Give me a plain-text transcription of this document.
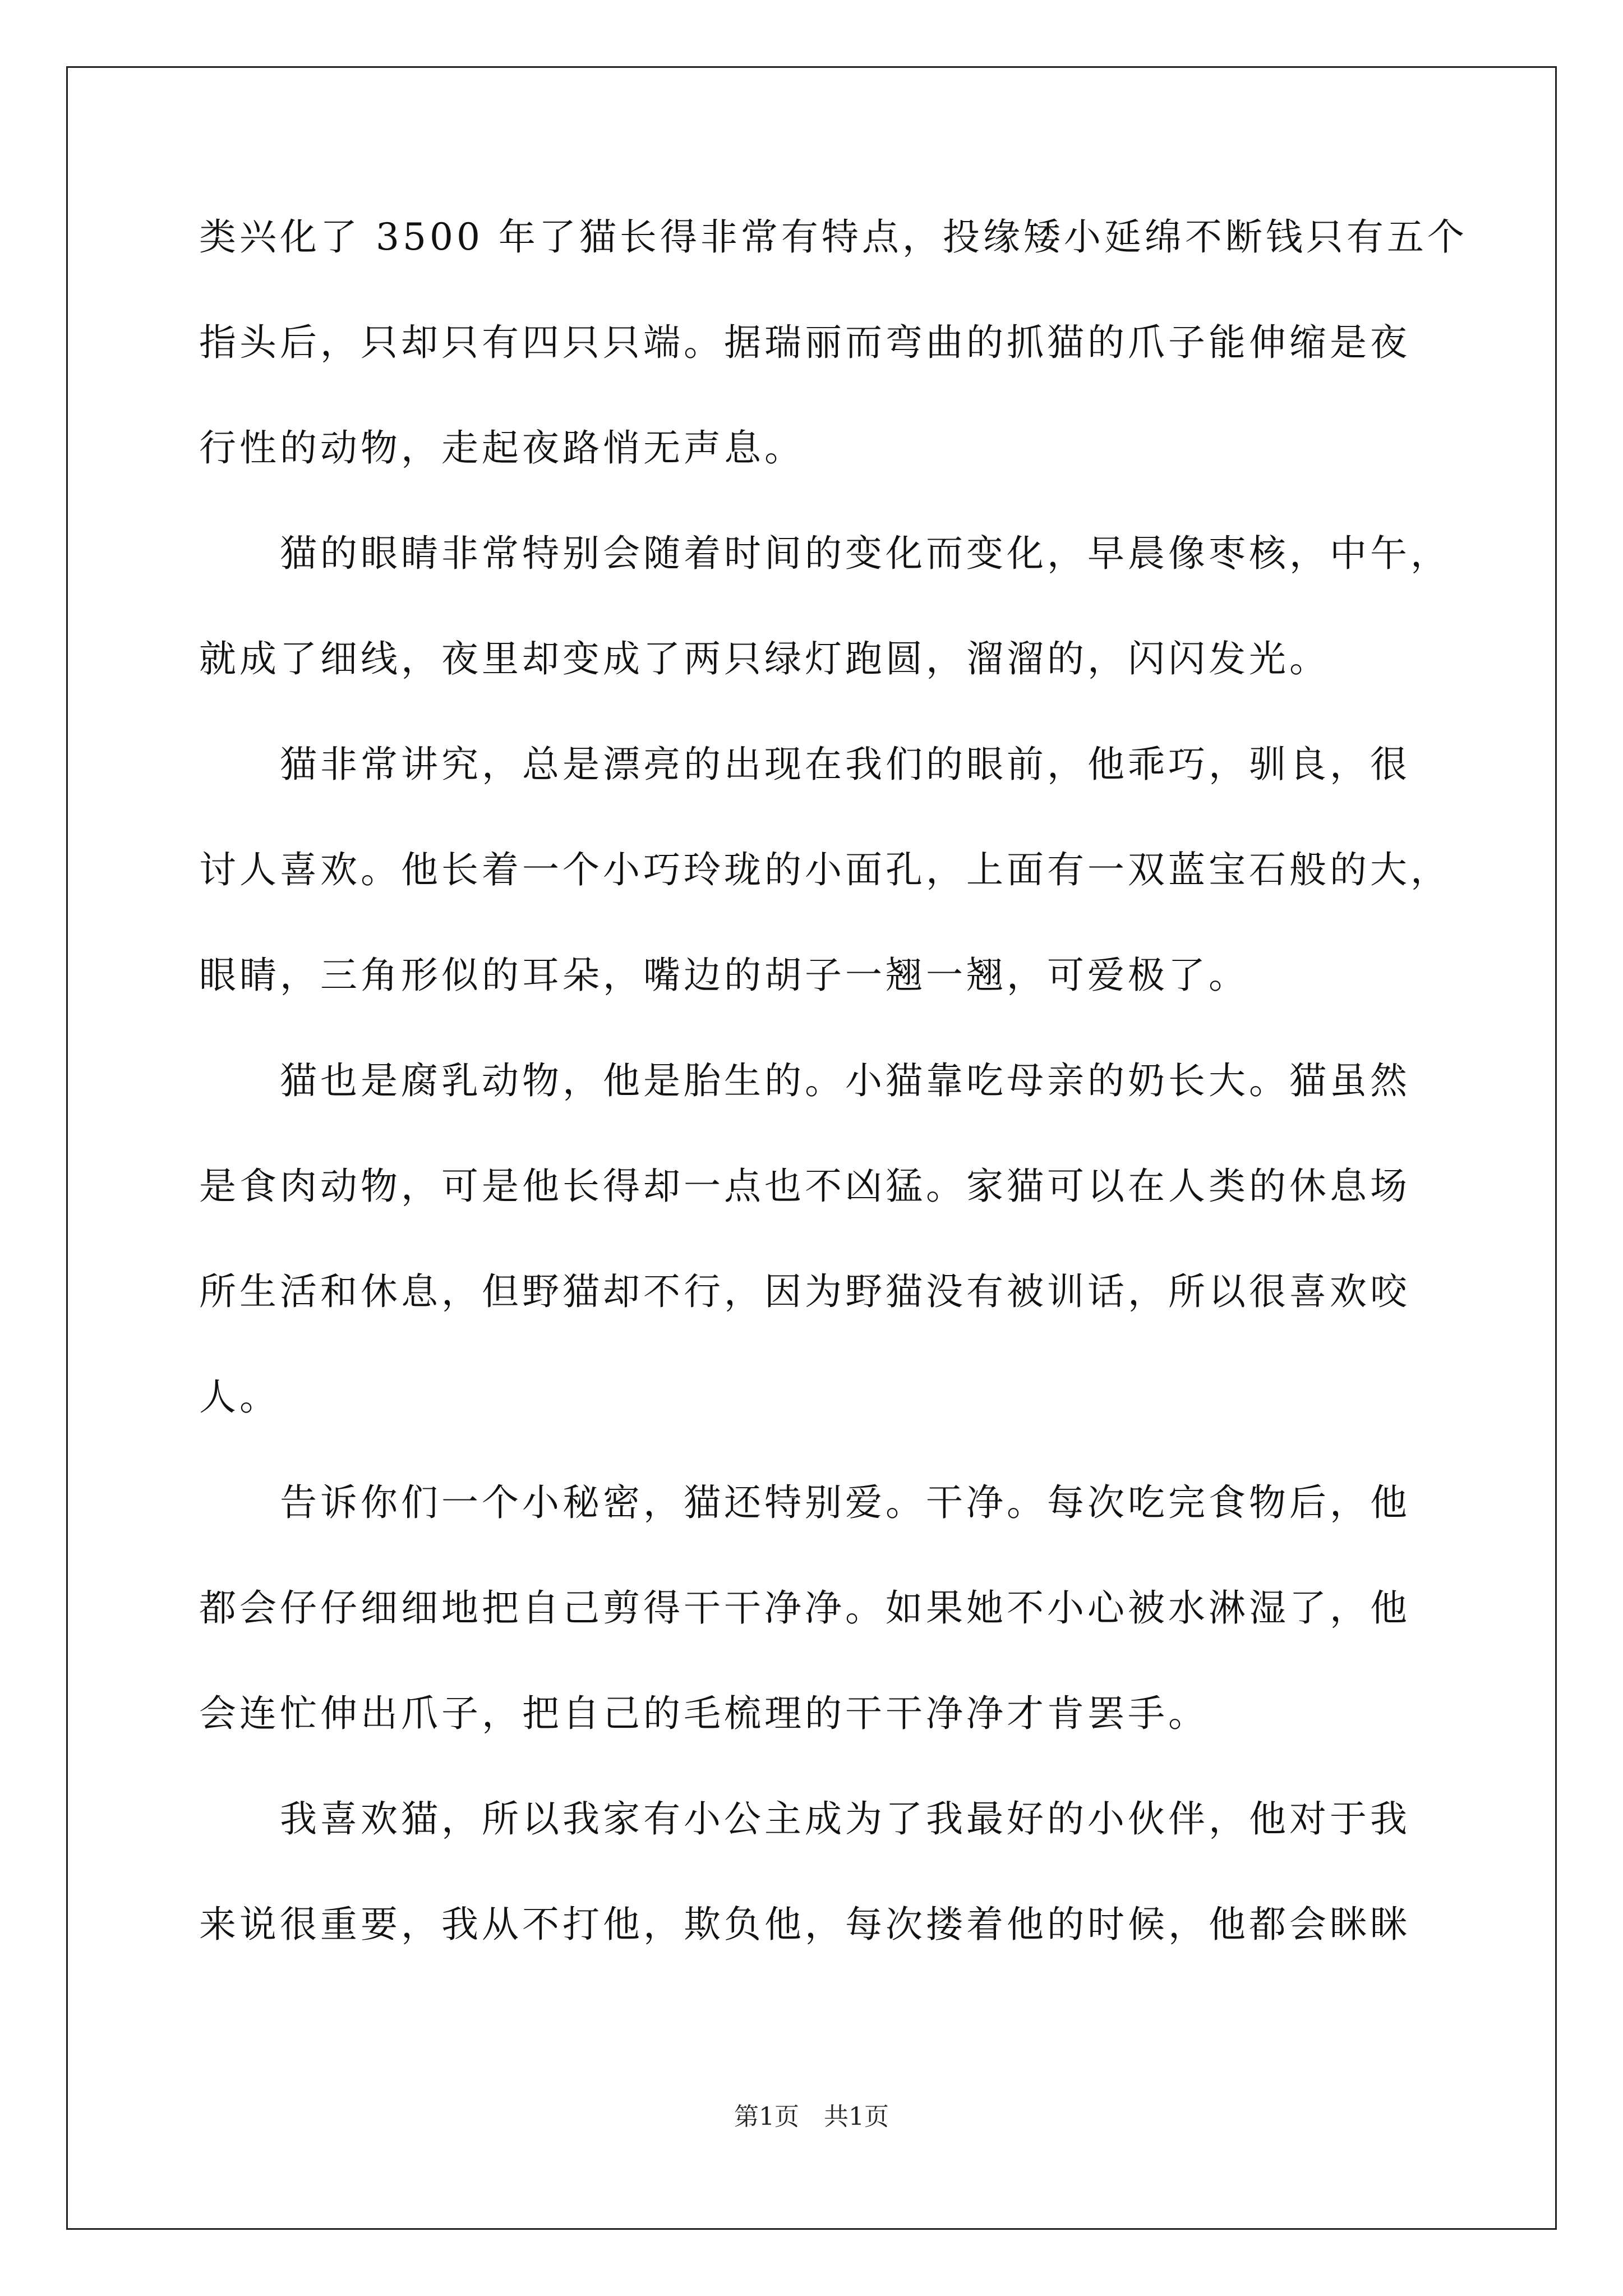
类兴化了 3500 年了猫长得非常有特点，投缘矮小延绵不断钱只有五个
指头后，只却只有四只只端。据瑞丽而弯曲的抓猫的爪子能伸缩是夜
行性的动物，走起夜路悄无声息。
　　猫的眼睛非常特别会随着时间的变化而变化，早晨像枣核，中午，
就成了细线，夜里却变成了两只绿灯跑圆，溜溜的，闪闪发光。
　　猫非常讲究，总是漂亮的出现在我们的眼前，他乖巧，驯良，很
讨人喜欢。他长着一个小巧玲珑的小面孔，上面有一双蓝宝石般的大，
眼睛，三角形似的耳朵，嘴边的胡子一翘一翘，可爱极了。
　　猫也是腐乳动物，他是胎生的。小猫靠吃母亲的奶长大。猫虽然
是食肉动物，可是他长得却一点也不凶猛。家猫可以在人类的休息场
所生活和休息，但野猫却不行，因为野猫没有被训话，所以很喜欢咬
人。
　　告诉你们一个小秘密，猫还特别爱。干净。每次吃完食物后，他
都会仔仔细细地把自己剪得干干净净。如果她不小心被水淋湿了，他
会连忙伸出爪子，把自己的毛梳理的干干净净才肯罢手。
　　我喜欢猫，所以我家有小公主成为了我最好的小伙伴，他对于我
来说很重要，我从不打他，欺负他，每次搂着他的时候，他都会眯眯
第1页　共1页
